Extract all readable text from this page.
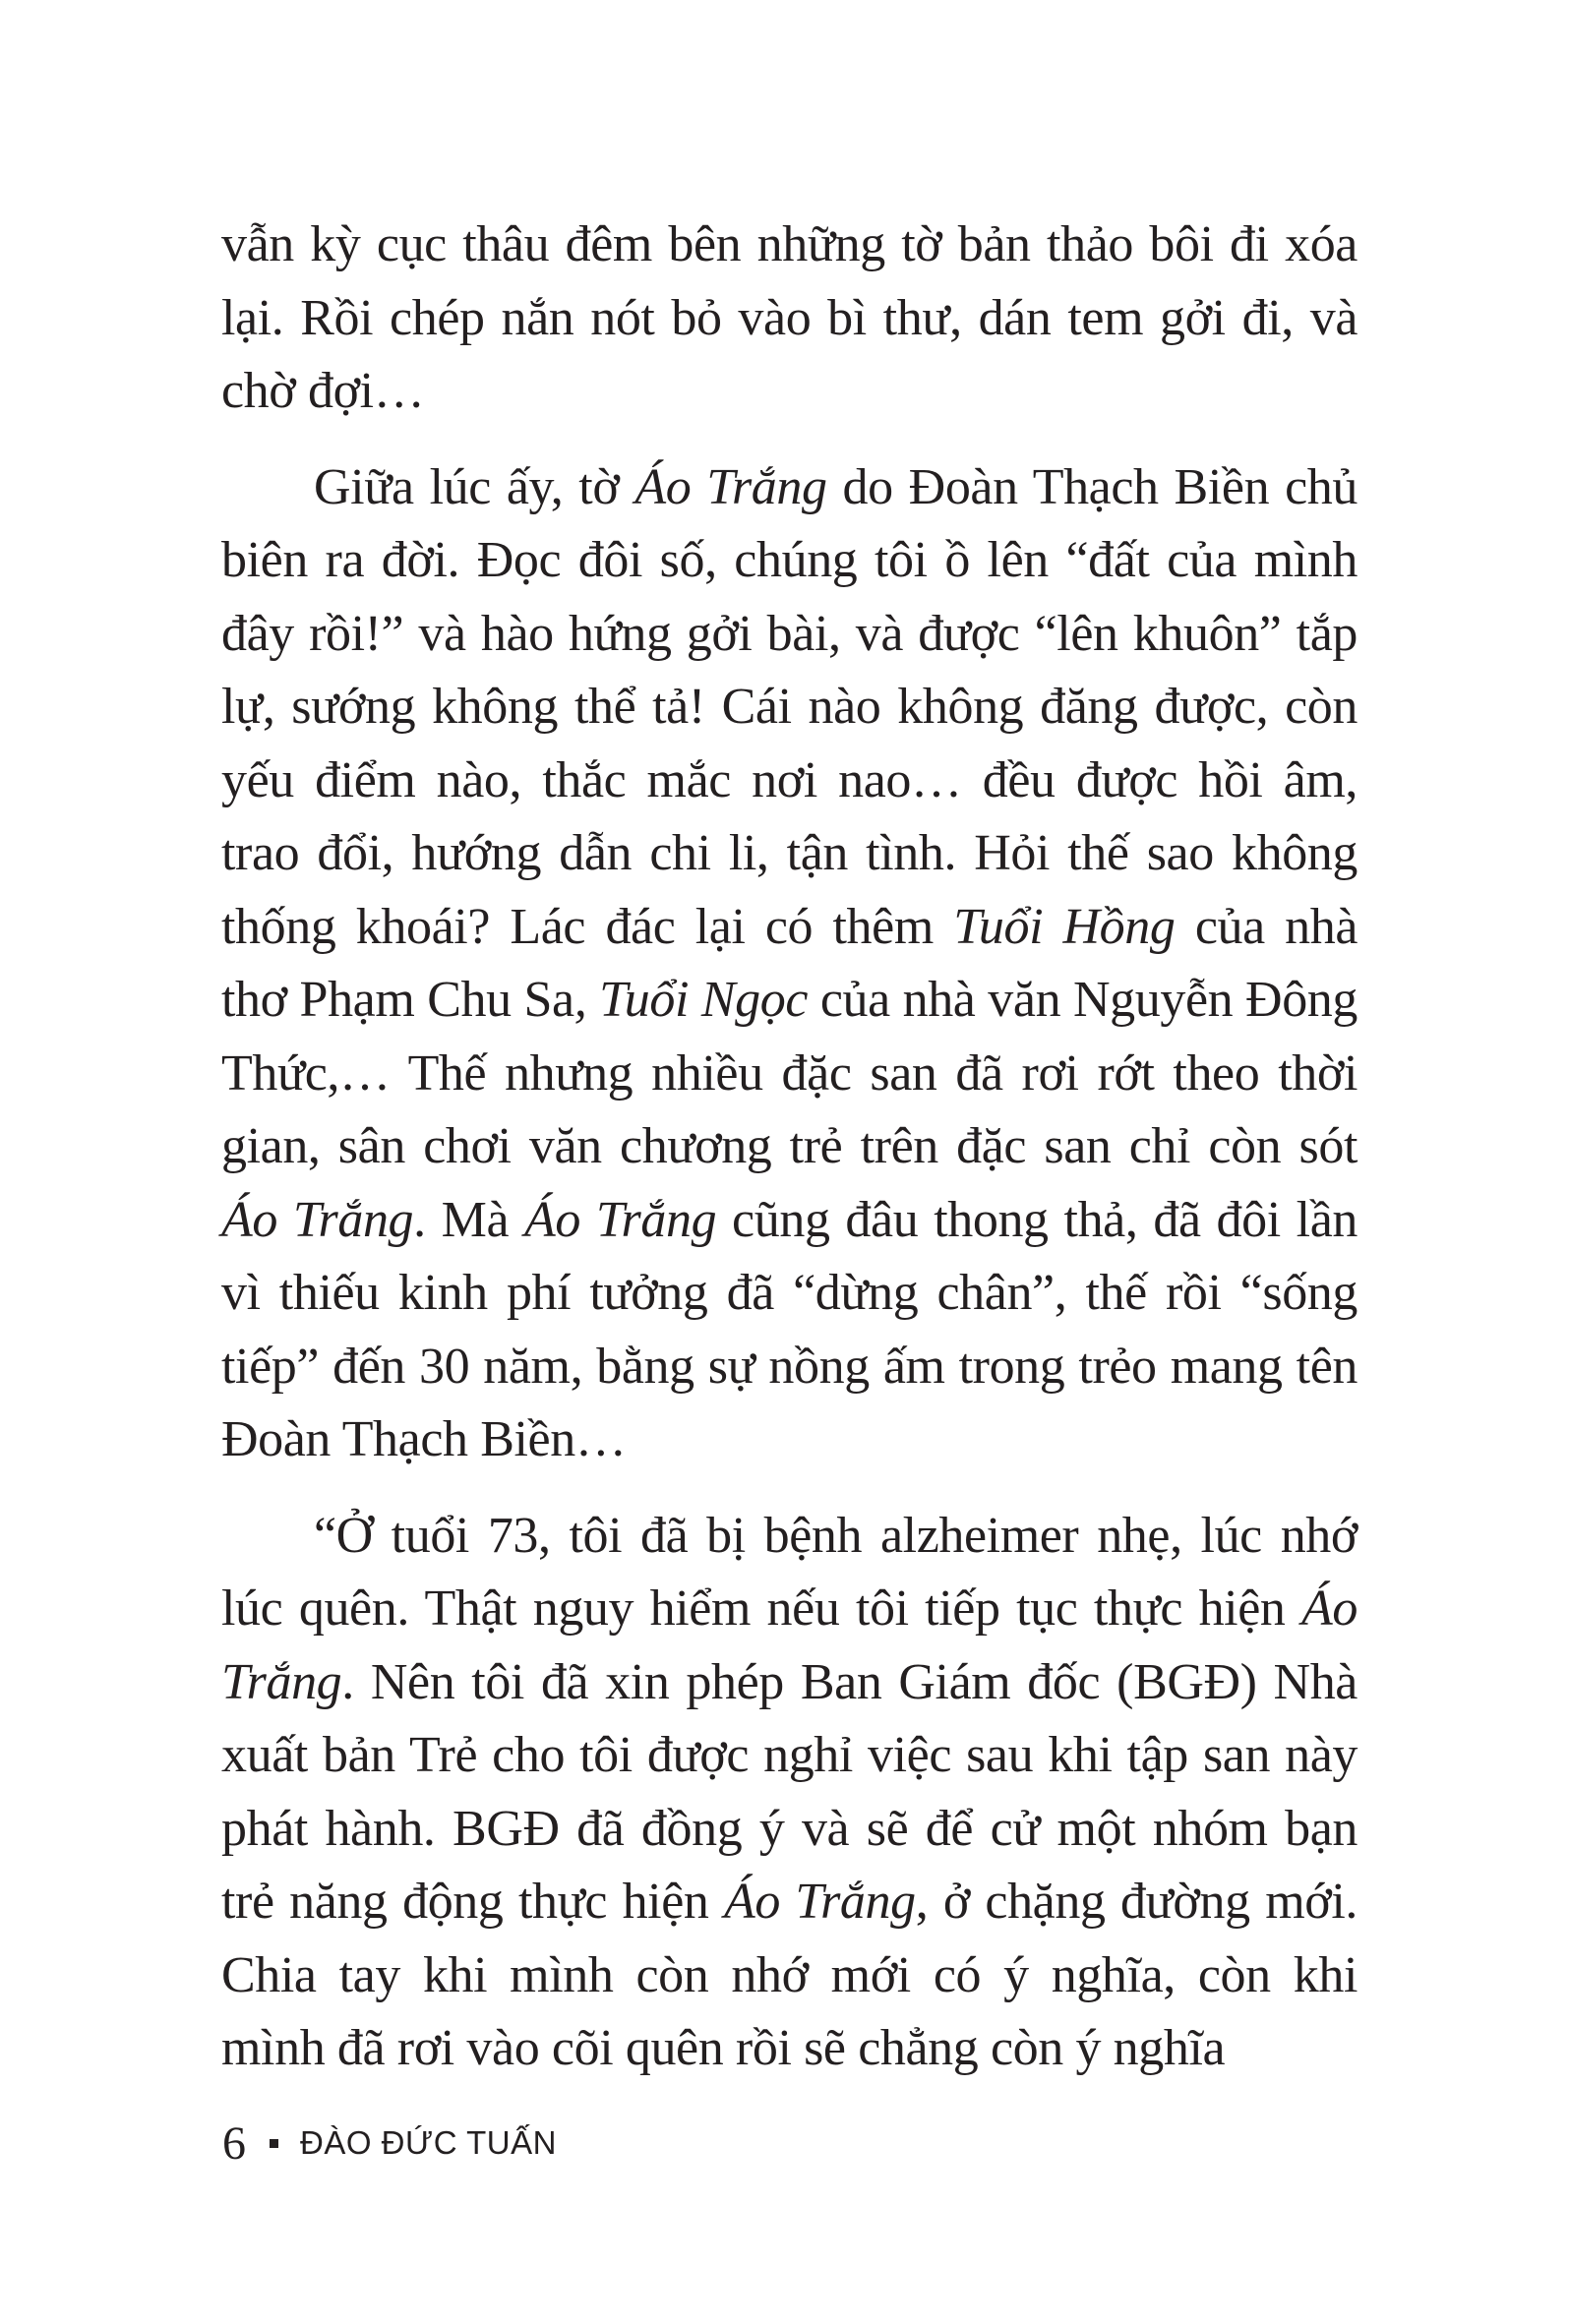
vẫn kỳ cục thâu đêm bên những tờ bản thảo bôi đi xóa lại. Rồi chép nắn nót bỏ vào bì thư, dán tem gởi đi, và chờ đợi…

Giữa lúc ấy, tờ Áo Trắng do Đoàn Thạch Biền chủ biên ra đời. Đọc đôi số, chúng tôi ồ lên “đất của mình đây rồi!” và hào hứng gởi bài, và được “lên khuôn” tắp lự, sướng không thể tả! Cái nào không đăng được, còn yếu điểm nào, thắc mắc nơi nao… đều được hồi âm, trao đổi, hướng dẫn chi li, tận tình. Hỏi thế sao không thống khoái? Lác đác lại có thêm Tuổi Hồng của nhà thơ Phạm Chu Sa, Tuổi Ngọc của nhà văn Nguyễn Đông Thức,… Thế nhưng nhiều đặc san đã rơi rớt theo thời gian, sân chơi văn chương trẻ trên đặc san chỉ còn sót Áo Trắng. Mà Áo Trắng cũng đâu thong thả, đã đôi lần vì thiếu kinh phí tưởng đã “dừng chân”, thế rồi “sống tiếp” đến 30 năm, bằng sự nồng ấm trong trẻo mang tên Đoàn Thạch Biền…

“Ở tuổi 73, tôi đã bị bệnh alzheimer nhẹ, lúc nhớ lúc quên. Thật nguy hiểm nếu tôi tiếp tục thực hiện Áo Trắng. Nên tôi đã xin phép Ban Giám đốc (BGĐ) Nhà xuất bản Trẻ cho tôi được nghỉ việc sau khi tập san này phát hành. BGĐ đã đồng ý và sẽ để cử một nhóm bạn trẻ năng động thực hiện Áo Trắng, ở chặng đường mới. Chia tay khi mình còn nhớ mới có ý nghĩa, còn khi mình đã rơi vào cõi quên rồi sẽ chẳng còn ý nghĩa

6 ĐÀO ĐỨC TUẤN
